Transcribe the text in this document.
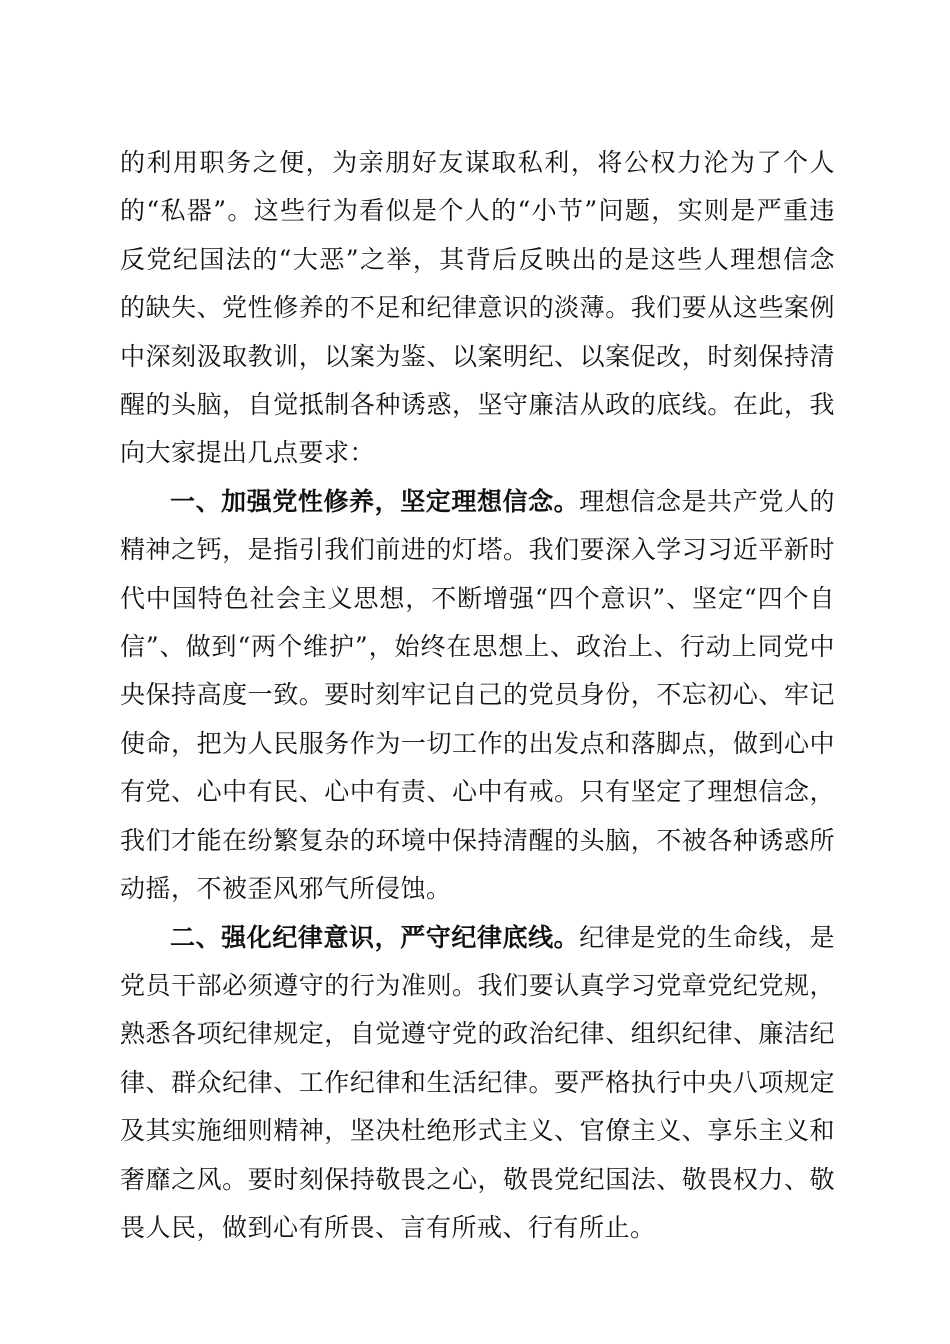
的利用职务之便，为亲朋好友谋取私利，将公权力沦为了个人的“私器”。这些行为看似是个人的“小节”问题，实则是严重违反党纪国法的“大恶”之举，其背后反映出的是这些人理想信念的缺失、党性修养的不足和纪律意识的淡薄。我们要从这些案例中深刻汲取教训，以案为鉴、以案明纪、以案促改，时刻保持清醒的头脑，自觉抵制各种诱惑，坚守廉洁从政的底线。在此，我向大家提出几点要求：

一、加强党性修养，坚定理想信念。理想信念是共产党人的精神之钙，是指引我们前进的灯塔。我们要深入学习习近平新时代中国特色社会主义思想，不断增强“四个意识”、坚定“四个自信”、做到“两个维护”，始终在思想上、政治上、行动上同党中央保持高度一致。要时刻牢记自己的党员身份，不忘初心、牢记使命，把为人民服务作为一切工作的出发点和落脚点，做到心中有党、心中有民、心中有责、心中有戒。只有坚定了理想信念，我们才能在纷繁复杂的环境中保持清醒的头脑，不被各种诱惑所动摇，不被歪风邪气所侵蚀。

二、强化纪律意识，严守纪律底线。纪律是党的生命线，是党员干部必须遵守的行为准则。我们要认真学习党章党纪党规，熟悉各项纪律规定，自觉遵守党的政治纪律、组织纪律、廉洁纪律、群众纪律、工作纪律和生活纪律。要严格执行中央八项规定及其实施细则精神，坚决杜绝形式主义、官僚主义、享乐主义和奢靡之风。要时刻保持敬畏之心，敬畏党纪国法、敬畏权力、敬畏人民，做到心有所畏、言有所戒、行有所止。
